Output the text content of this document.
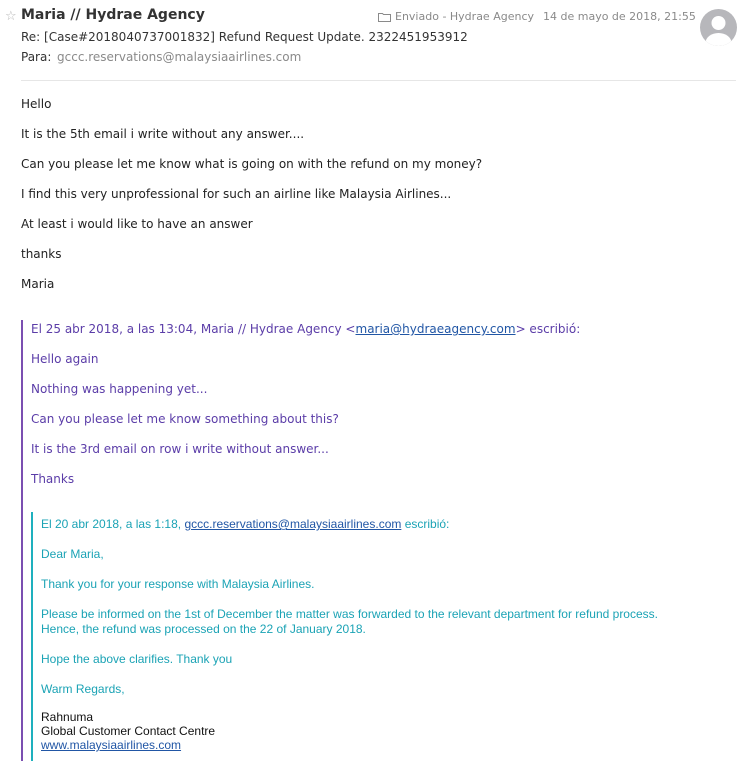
☆ Maria // Hydrae Agency	Enviado - Hydrae Agency 14 de mayo de 2018, 21:55
Re: [Case#2018040737001832] Refund Request Update. 2322451953912
Para: gccc.reservations@malaysiaairlines.com
Hello
It is the 5th email i write without any answer....
Can you please let me know what is going on with the refund on my money?
I find this very unprofessional for such an airline like Malaysia Airlines...
At least i would like to have an answer
thanks
Maria
El 25 abr 2018, a las 13:04, Maria // Hydrae Agency <maria@hydraeagency.com> escribió:
Hello again
Nothing was happening yet...
Can you please let me know something about this?
It is the 3rd email on row i write without answer...
Thanks
El 20 abr 2018, a las 1:18, gccc.reservations@malaysiaairlines.com escribió:
Dear Maria,
Thank you for your response with Malaysia Airlines.
Please be informed on the 1st of December the matter was forwarded to the relevant department for refund process.
Hence, the refund was processed on the 22 of January 2018.
Hope the above clarifies. Thank you
Warm Regards,
Rahnuma
Global Customer Contact Centre
www.malaysiaairlines.com
